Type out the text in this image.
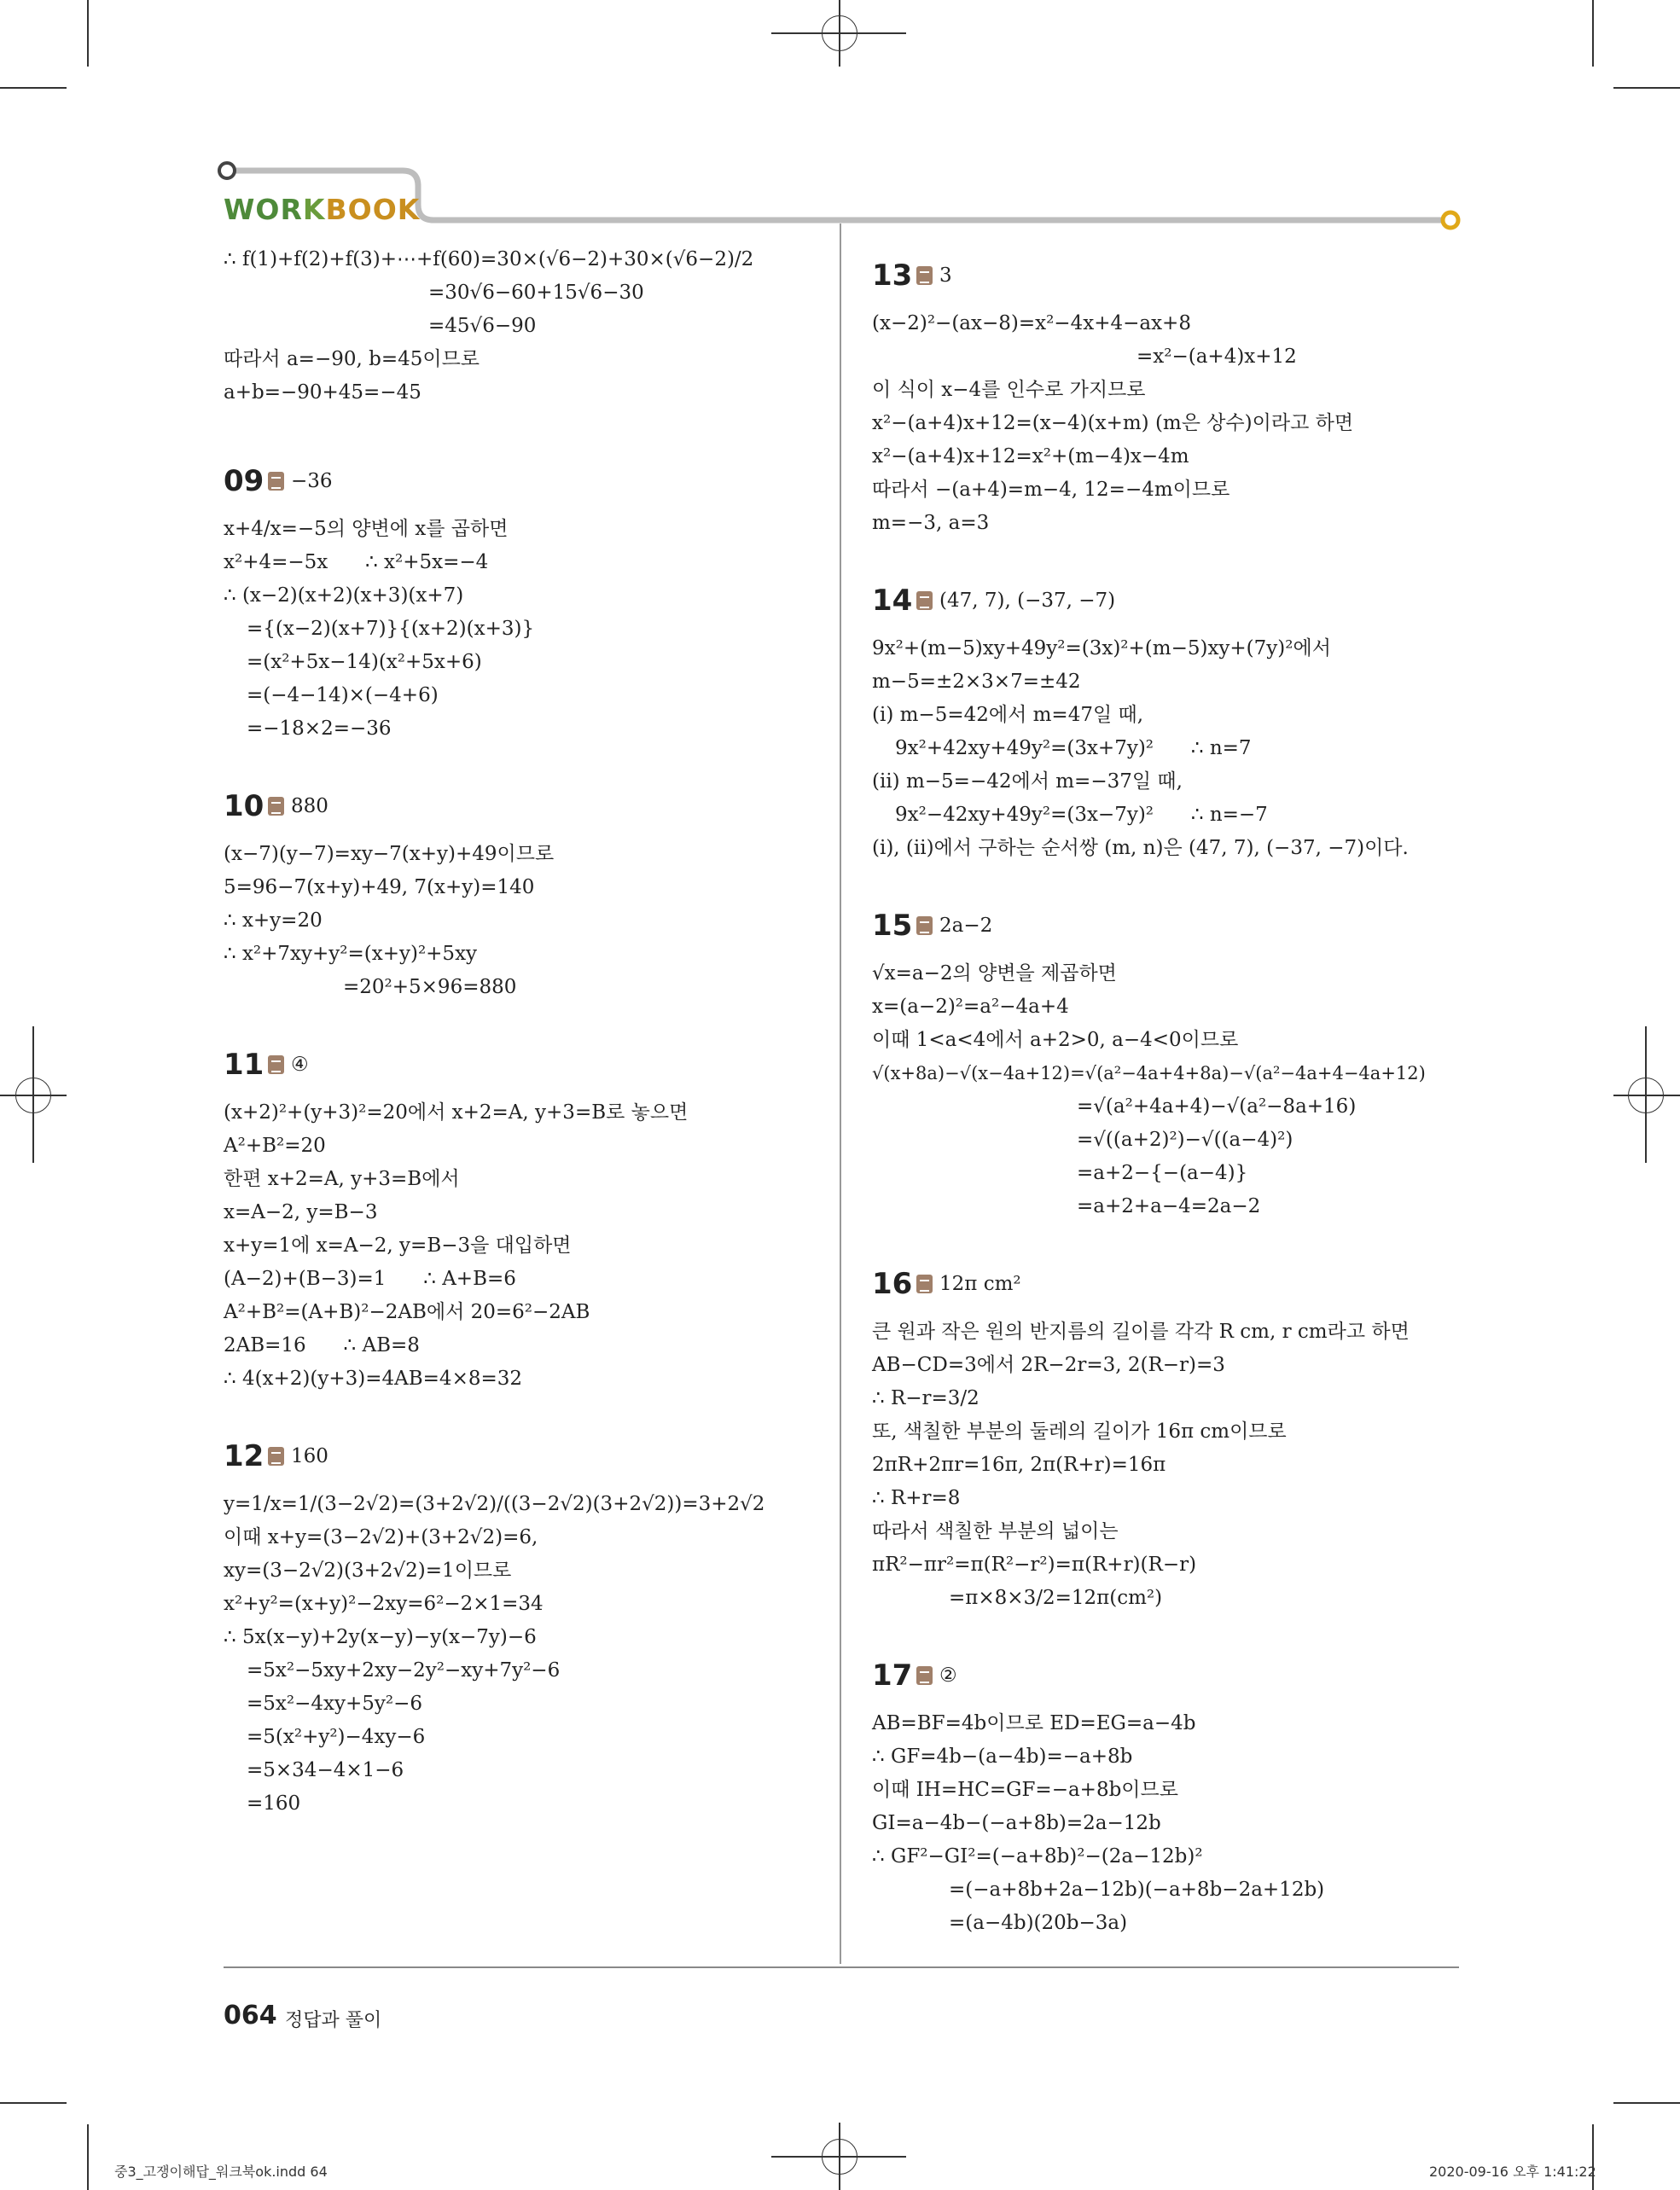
WORKBOOK
∴ f(1)+f(2)+f(3)+⋯+f(60)=30×(√6−2)+30×(√6−2)/2
=30√6−60+15√6−30
=45√6−90
따라서 a=−90, b=45이므로
a+b=−90+45=−45
09 −36
x+4/x=−5의 양변에 x를 곱하면
x²+4=−5x      ∴ x²+5x=−4
∴ (x−2)(x+2)(x+3)(x+7)
={(x−2)(x+7)}{(x+2)(x+3)}
=(x²+5x−14)(x²+5x+6)
=(−4−14)×(−4+6)
=−18×2=−36
10 880
(x−7)(y−7)=xy−7(x+y)+49이므로
5=96−7(x+y)+49, 7(x+y)=140
∴ x+y=20
∴ x²+7xy+y²=(x+y)²+5xy
=20²+5×96=880
11 ④
(x+2)²+(y+3)²=20에서 x+2=A, y+3=B로 놓으면
A²+B²=20
한편 x+2=A, y+3=B에서
x=A−2, y=B−3
x+y=1에 x=A−2, y=B−3을 대입하면
(A−2)+(B−3)=1      ∴ A+B=6
A²+B²=(A+B)²−2AB에서 20=6²−2AB
2AB=16      ∴ AB=8
∴ 4(x+2)(y+3)=4AB=4×8=32
12 160
y=1/x=1/(3−2√2)=(3+2√2)/((3−2√2)(3+2√2))=3+2√2
이때 x+y=(3−2√2)+(3+2√2)=6,
xy=(3−2√2)(3+2√2)=1이므로
x²+y²=(x+y)²−2xy=6²−2×1=34
∴ 5x(x−y)+2y(x−y)−y(x−7y)−6
=5x²−5xy+2xy−2y²−xy+7y²−6
=5x²−4xy+5y²−6
=5(x²+y²)−4xy−6
=5×34−4×1−6
=160
13 3
(x−2)²−(ax−8)=x²−4x+4−ax+8
=x²−(a+4)x+12
이 식이 x−4를 인수로 가지므로
x²−(a+4)x+12=(x−4)(x+m) (m은 상수)이라고 하면
x²−(a+4)x+12=x²+(m−4)x−4m
따라서 −(a+4)=m−4, 12=−4m이므로
m=−3, a=3
14 (47, 7), (−37, −7)
9x²+(m−5)xy+49y²=(3x)²+(m−5)xy+(7y)²에서
m−5=±2×3×7=±42
(ⅰ) m−5=42에서 m=47일 때,
9x²+42xy+49y²=(3x+7y)²      ∴ n=7
(ⅱ) m−5=−42에서 m=−37일 때,
9x²−42xy+49y²=(3x−7y)²      ∴ n=−7
(ⅰ), (ⅱ)에서 구하는 순서쌍 (m, n)은 (47, 7), (−37, −7)이다.
15 2a−2
√x=a−2의 양변을 제곱하면
x=(a−2)²=a²−4a+4
이때 1<a<4에서 a+2>0, a−4<0이므로
√(x+8a)−√(x−4a+12)=√(a²−4a+4+8a)−√(a²−4a+4−4a+12)
=√(a²+4a+4)−√(a²−8a+16)
=√((a+2)²)−√((a−4)²)
=a+2−{−(a−4)}
=a+2+a−4=2a−2
16 12π cm²
큰 원과 작은 원의 반지름의 길이를 각각 R cm, r cm라고 하면
AB−CD=3에서 2R−2r=3, 2(R−r)=3
∴ R−r=3/2
또, 색칠한 부분의 둘레의 길이가 16π cm이므로
2πR+2πr=16π, 2π(R+r)=16π
∴ R+r=8
따라서 색칠한 부분의 넓이는
πR²−πr²=π(R²−r²)=π(R+r)(R−r)
=π×8×3/2=12π(cm²)
17 ②
AB=BF=4b이므로 ED=EG=a−4b
∴ GF=4b−(a−4b)=−a+8b
이때 IH=HC=GF=−a+8b이므로
GI=a−4b−(−a+8b)=2a−12b
∴ GF²−GI²=(−a+8b)²−(2a−12b)²
=(−a+8b+2a−12b)(−a+8b−2a+12b)
=(a−4b)(20b−3a)
064 정답과 풀이
중3_고쟁이해답_워크북ok.indd 64	2020-09-16 오후 1:41:22
